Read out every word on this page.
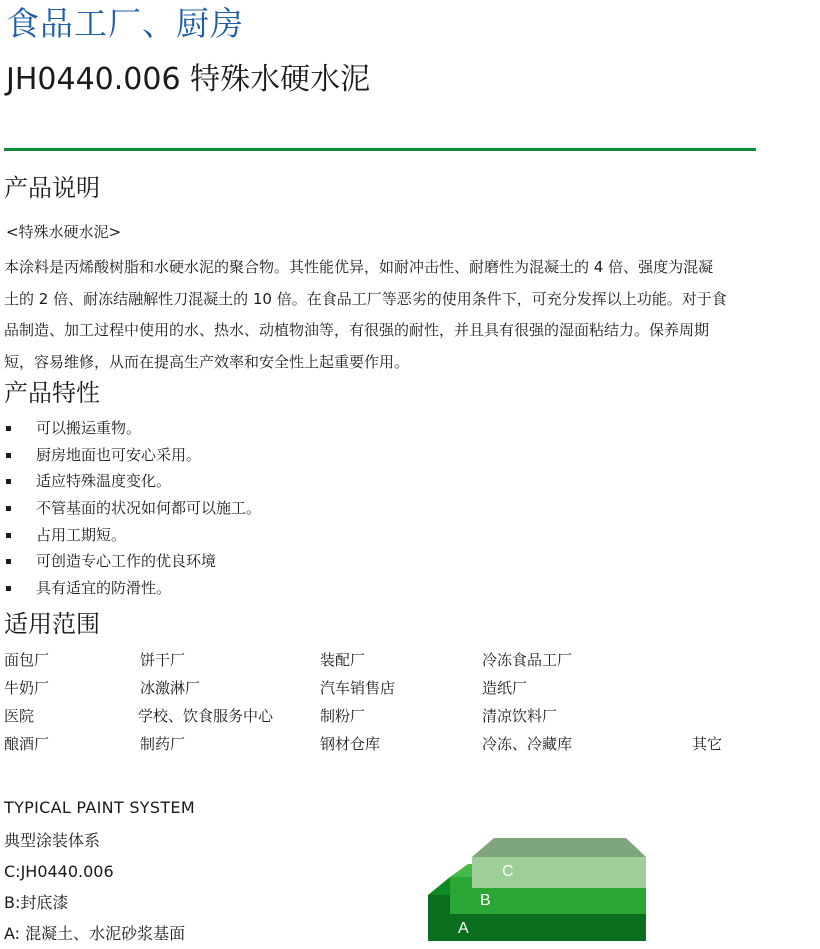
食品工厂、厨房
JH0440.006 特殊水硬水泥
产品说明
<特殊水硬水泥>
本涂料是丙烯酸树脂和水硬水泥的聚合物。其性能优异，如耐冲击性、耐磨性为混凝土的 4 倍、强度为混凝
土的 2 倍、耐冻结融解性刀混凝土的 10 倍。在食品工厂等恶劣的使用条件下，可充分发挥以上功能。对于食
品制造、加工过程中使用的水、热水、动植物油等，有很强的耐性，并且具有很强的湿面粘结力。保养周期
短，容易维修，从而在提高生产效率和安全性上起重要作用。
产品特性
可以搬运重物。
厨房地面也可安心采用。
适应特殊温度变化。
不管基面的状况如何都可以施工。
占用工期短。
可创造专心工作的优良环境
具有适宜的防滑性。
适用范围
面包厂	饼干厂	装配厂	冷冻食品工厂
牛奶厂	冰激淋厂	汽车销售店	造纸厂
医院	学校、饮食服务中心	制粉厂	清凉饮料厂
酿酒厂	制药厂	钢材仓库	冷冻、冷藏库	其它
TYPICAL PAINT SYSTEM
典型涂装体系
C:JH0440.006
B:封底漆
A: 混凝土、水泥砂浆基面	A
B
C
